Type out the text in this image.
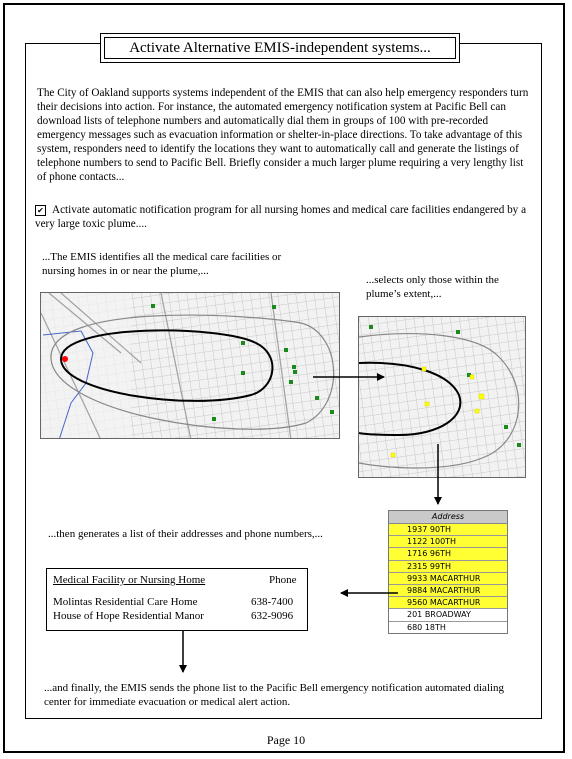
Activate Alternative EMIS-independent systems...
The City of Oakland supports systems independent of the EMIS that can also help emergency responders turn their decisions into action. For instance, the automated emergency notification system at Pacific Bell can download lists of telephone numbers and automatically dial them in groups of 100 with pre-recorded emergency messages such as evacuation information or shelter-in-place directions. To take advantage of this system, responders need to identify the locations they want to automatically call and generate the listings of telephone numbers to send to Pacific Bell. Briefly consider a much larger plume requiring a very lengthy list of phone contacts...
✔ Activate automatic notification program for all nursing homes and medical care facilities endangered by a very large toxic plume....
...The EMIS identifies all the medical care facilities or nursing homes in or near the plume,...
...selects only those within the plume’s extent,...
...then generates a list of their addresses and phone numbers,...
Address
1937 90TH
1122 100TH
1716 96TH
2315 99TH
9933 MACARTHUR
9884 MACARTHUR
9560 MACARTHUR
201 BROADWAY
680 18TH
Medical Facility or Nursing Home	Phone
Molintas Residential Care Home	638-7400
House of Hope Residential Manor	632-9096
...and finally, the EMIS sends the phone list to the Pacific Bell emergency notification automated dialing center for immediate evacuation or medical alert action.
Page 10
